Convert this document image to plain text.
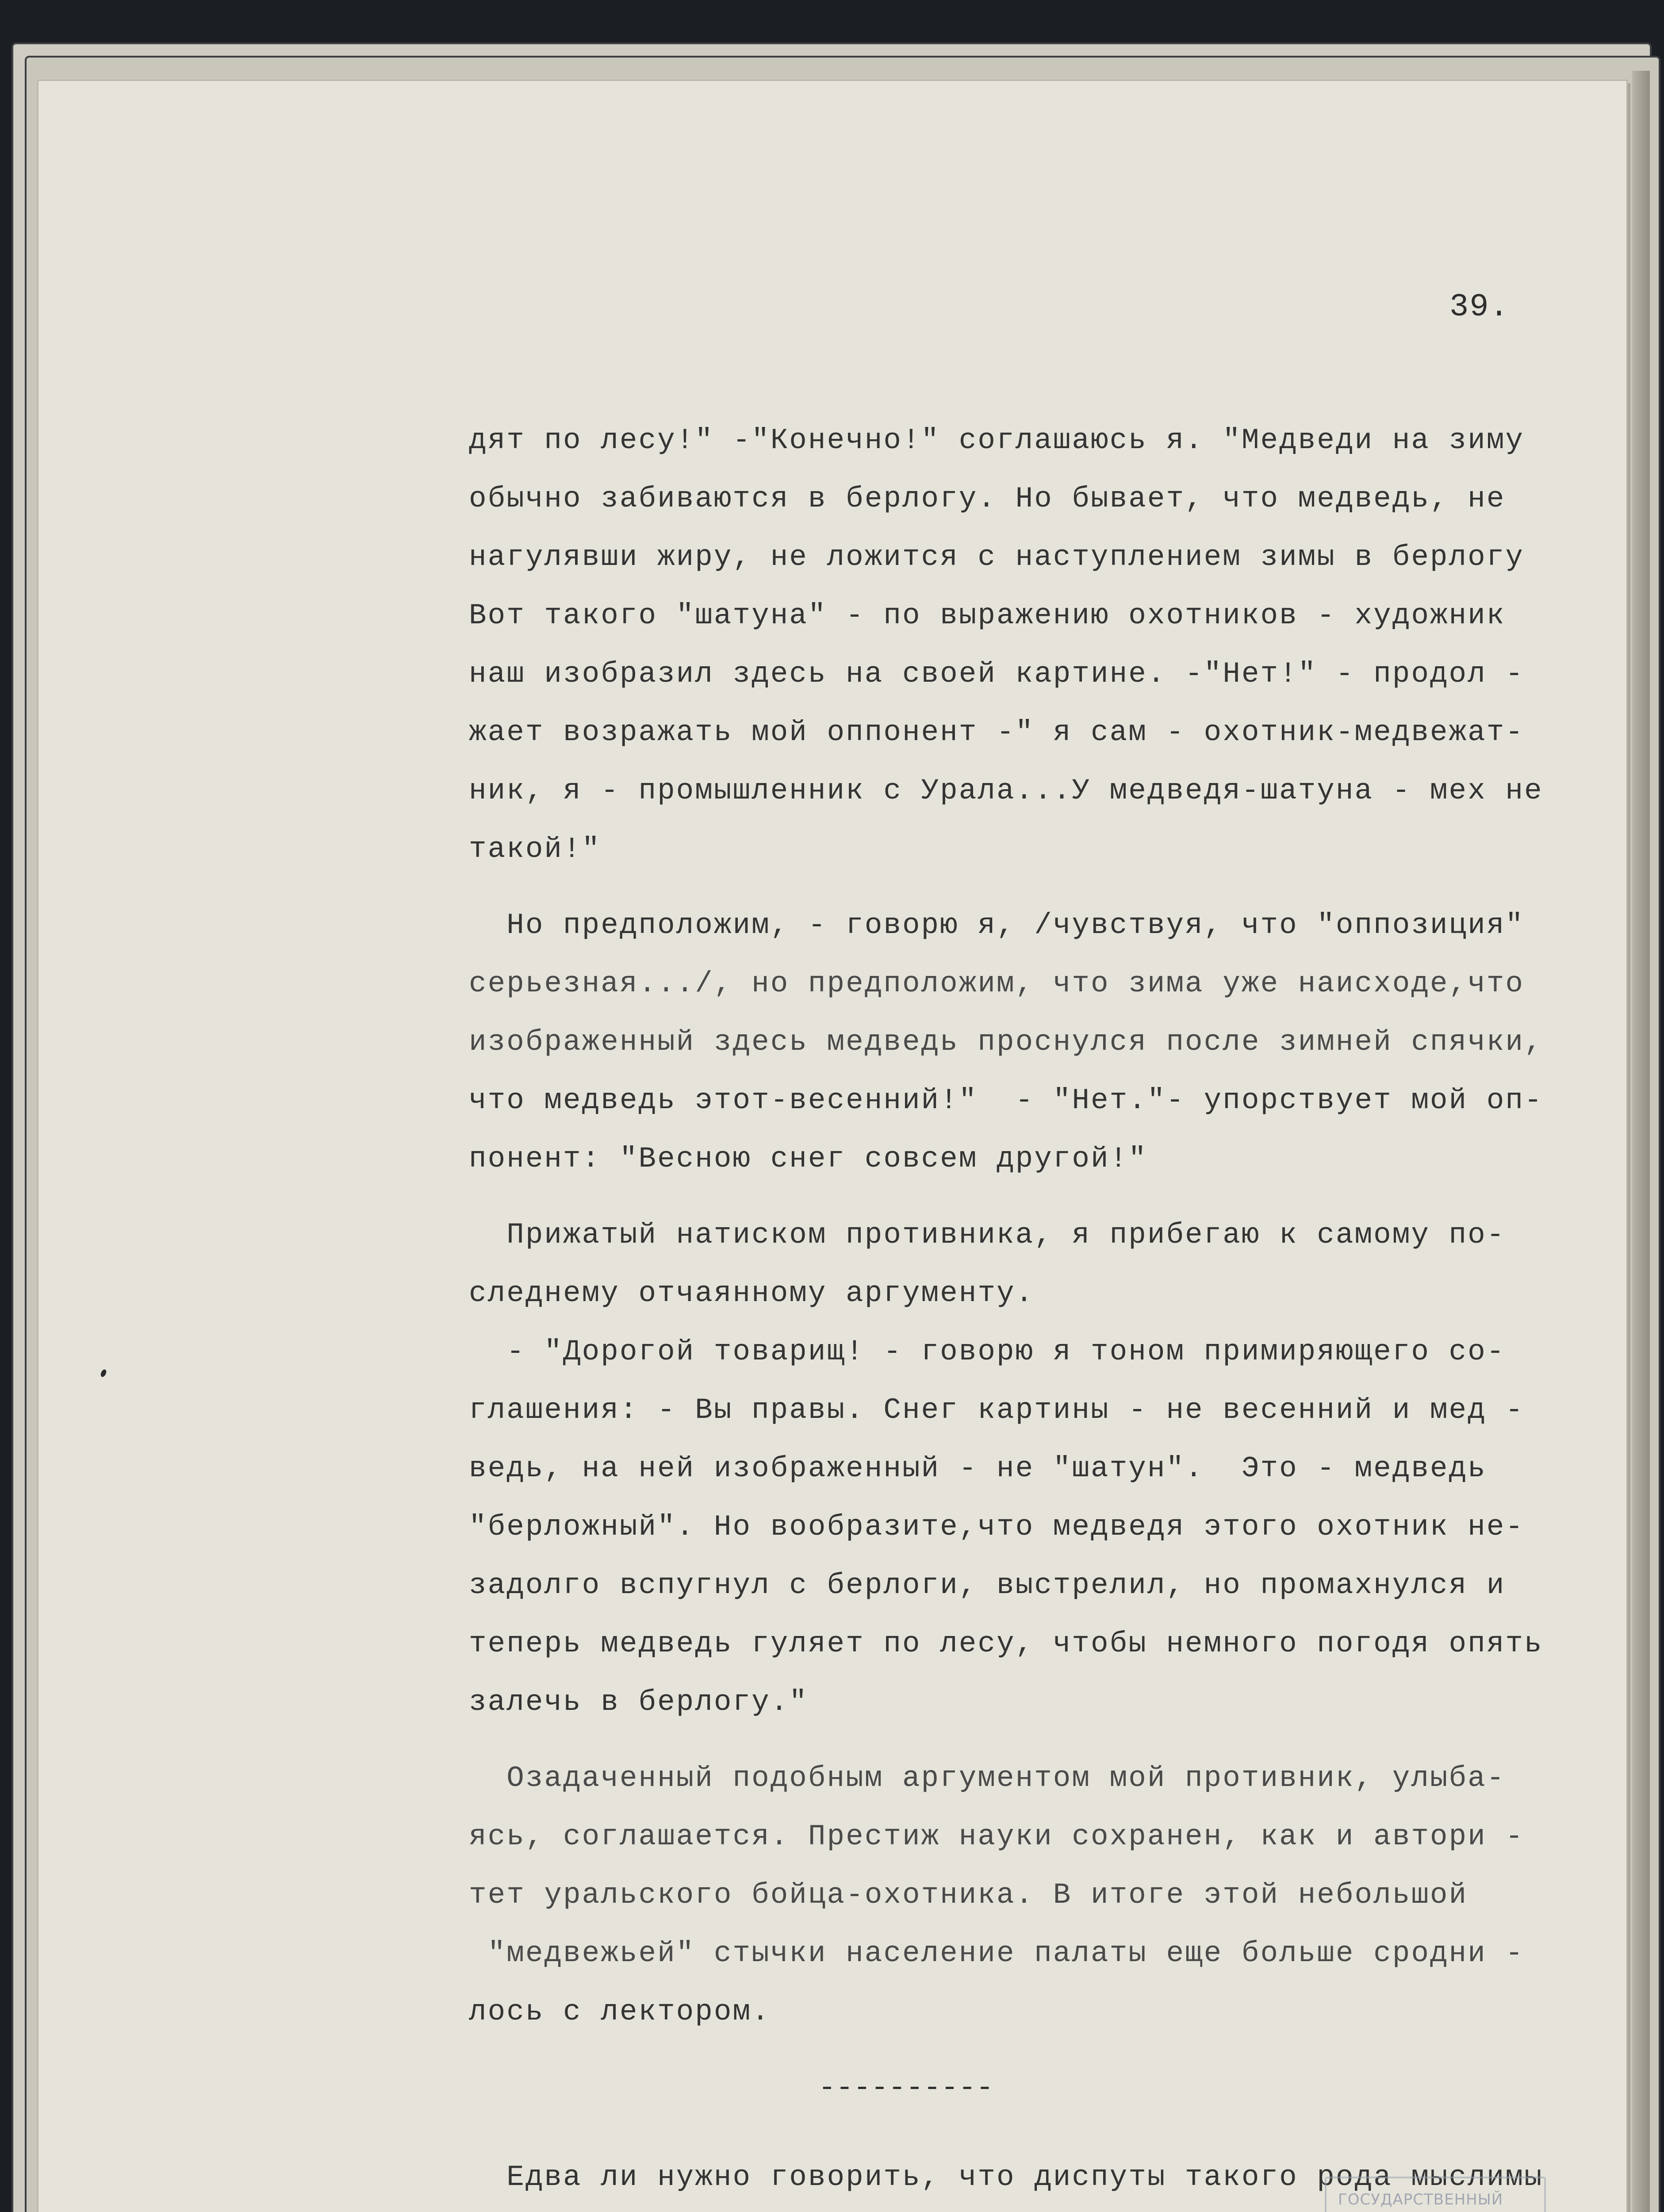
39.
дят по лесу!" -"Конечно!" соглашаюсь я. "Медведи на зиму
обычно забиваются в берлогу. Но бывает, что медведь, не
нагулявши жиру, не ложится с наступлением зимы в берлогу
Вот такого "шатуна" - по выражению охотников - художник
наш изобразил здесь на своей картине. -"Нет!" - продол -
жает возражать мой оппонент -" я сам - охотник-медвежат-
ник, я - промышленник с Урала...У медведя-шатуна - мех не
такой!"
Но предположим, - говорю я, /чувствуя, что "оппозиция"
серьезная.../, но предположим, что зима уже наисходе,что
изображенный здесь медведь проснулся после зимней спячки,
что медведь этот-весенний!"  - "Нет."- упорствует мой оп-
понент: "Весною снег совсем другой!"
Прижатый натиском противника, я прибегаю к самому по-
следнему отчаянному аргументу.
- "Дорогой товарищ! - говорю я тоном примиряющего со-
глашения: - Вы правы. Снег картины - не весенний и мед -
ведь, на ней изображенный - не "шатун".  Это - медведь
"берложный". Но вообразите,что медведя этого охотник не-
задолго вспугнул с берлоги, выстрелил, но промахнулся и
теперь медведь гуляет по лесу, чтобы немного погодя опять
залечь в берлогу."
Озадаченный подобным аргументом мой противник, улыба-
ясь, соглашается. Престиж науки сохранен, как и автори -
тет уральского бойца-охотника. В итоге этой небольшой
"медвежьей" стычки население палаты еще больше сродни -
лось с лектором.
----------
Едва ли нужно говорить, что диспуты такого рода мыслимы
ГОСУДАРСТВЕННЫЙ
